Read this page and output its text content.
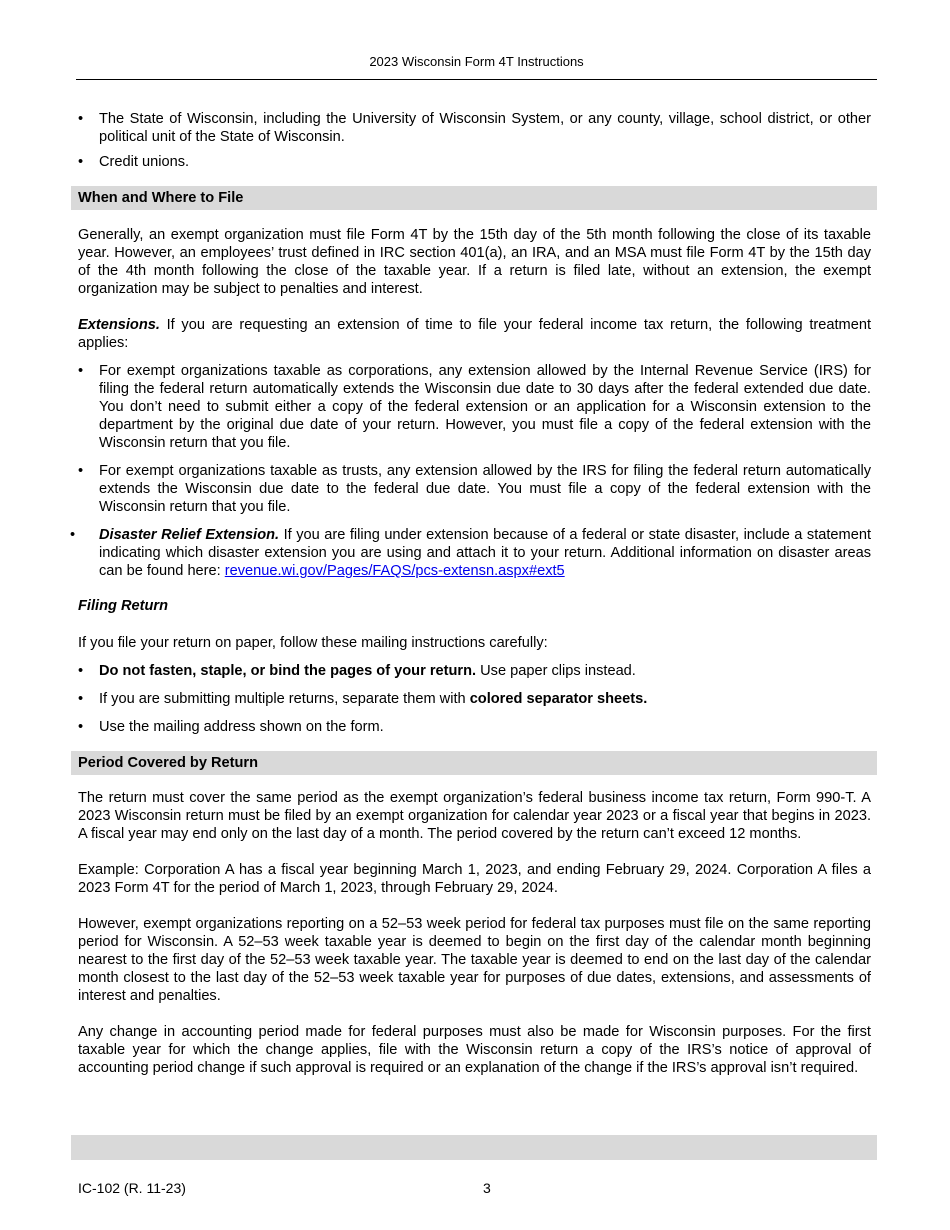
2023 Wisconsin Form 4T Instructions
• The State of Wisconsin, including the University of Wisconsin System, or any county, village, school district, or other political unit of the State of Wisconsin.
• Credit unions.
When and Where to File

Generally, an exempt organization must file Form 4T by the 15th day of the 5th month following the close of its taxable year. However, an employees’ trust defined in IRC section 401(a), an IRA, and an MSA must file Form 4T by the 15th day of the 4th month following the close of the taxable year. If a return is filed late, without an extension, the exempt organization may be subject to penalties and interest.

Extensions. If you are requesting an extension of time to file your federal income tax return, the following treatment applies:

• For exempt organizations taxable as corporations, any extension allowed by the Internal Revenue Service (IRS) for filing the federal return automatically extends the Wisconsin due date to 30 days after the federal extended due date. You don’t need to submit either a copy of the federal extension or an application for a Wisconsin extension to the department by the original due date of your return. However, you must file a copy of the federal extension with the Wisconsin return that you file.
• For exempt organizations taxable as trusts, any extension allowed by the IRS for filing the federal return automatically extends the Wisconsin due date to the federal due date. You must file a copy of the federal extension with the Wisconsin return that you file.
• Disaster Relief Extension. If you are filing under extension because of a federal or state disaster, include a statement indicating which disaster extension you are using and attach it to your return. Additional information on disaster areas can be found here: revenue.wi.gov/Pages/FAQS/pcs-extensn.aspx#ext5

Filing Return

If you file your return on paper, follow these mailing instructions carefully:

• Do not fasten, staple, or bind the pages of your return. Use paper clips instead.
• If you are submitting multiple returns, separate them with colored separator sheets.
• Use the mailing address shown on the form.
Period Covered by Return

The return must cover the same period as the exempt organization’s federal business income tax return, Form 990-T. A 2023 Wisconsin return must be filed by an exempt organization for calendar year 2023 or a fiscal year that begins in 2023. A fiscal year may end only on the last day of a month. The period covered by the return can’t exceed 12 months.

Example: Corporation A has a fiscal year beginning March 1, 2023, and ending February 29, 2024. Corporation A files a 2023 Form 4T for the period of March 1, 2023, through February 29, 2024.

However, exempt organizations reporting on a 52–53 week period for federal tax purposes must file on the same reporting period for Wisconsin. A 52–53 week taxable year is deemed to begin on the first day of the calendar month beginning nearest to the first day of the 52–53 week taxable year. The taxable year is deemed to end on the last day of the calendar month closest to the last day of the 52–53 week taxable year for purposes of due dates, extensions, and assessments of interest and penalties.

Any change in accounting period made for federal purposes must also be made for Wisconsin purposes. For the first taxable year for which the change applies, file with the Wisconsin return a copy of the IRS’s notice of approval of accounting period change if such approval is required or an explanation of the change if the IRS’s approval isn’t required.

IC-102 (R. 11-23)	3
